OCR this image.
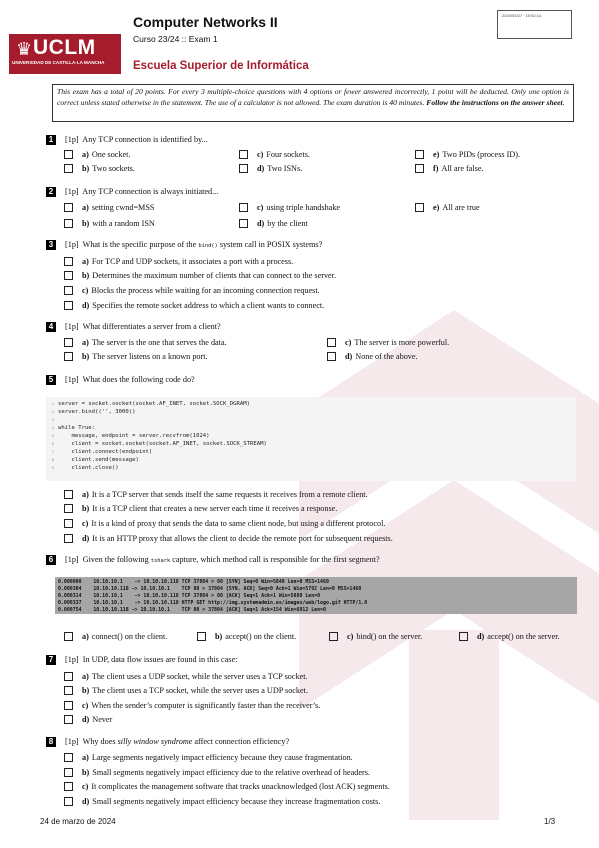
♛ UCLM
UNIVERSIDAD DE CASTILLA-LA MANCHA
Computer Networks II
Curso 23/24 :: Exam 1
Escuela Superior de Informática
2024/03/27 · 10:52:14
This exam has a total of 20 points. For every 3 multiple-choice questions with 4 options or fewer answered incorrectly, 1 point will be deducted. Only one option is correct unless stated otherwise in the statement. The use of a calculator is not allowed. The exam duration is 40 minutes. Follow the instructions on the answer sheet.
1	[1p] Any TCP connection is identified by...
a) One socket.
b) Two sockets.
c) Four sockets.
d) Two ISNs.
e) Two PIDs (process ID).
f) All are false.
2	[1p] Any TCP connection is always initiated...
a) setting cwnd=MSS
b) with a random ISN
c) using triple handshake
d) by the client
e) All are true
3	[1p] What is the specific purpose of the bind() system call in POSIX systems?
a) For TCP and UDP sockets, it associates a port with a process.
b) Determines the maximum number of clients that can connect to the server.
c) Blocks the process while waiting for an incoming connection request.
d) Specifies the remote socket address to which a client wants to connect.
4	[1p] What differentiates a server from a client?
a) The server is the one that serves the data.
b) The server listens on a known port.
c) The server is more powerful.
d) None of the above.
5	[1p] What does the following code do?
1
2
3
4
5
6
7
8
9
server = socket.socket(socket.AF_INET, socket.SOCK_DGRAM)
server.bind(('', 3000))
while True:
message, endpoint = server.recvfrom(1024)
client = socket.socket(socket.AF_INET, socket.SOCK_STREAM)
client.connect(endpoint)
client.send(message)
client.close()
a) It is a TCP server that sends itself the same requests it receives from a remote client.
b) It is a TCP client that creates a new server each time it receives a response.
c) It is a kind of proxy that sends the data to same client node, but using a different protocol.
d) It is an HTTP proxy that allows the client to decide the remote port for subsequent requests.
6	[1p] Given the following tshark capture, which method call is responsible for the first segment?
0.000000    10.10.10.1    -> 10.10.10.118 TCP 37804 > 80 [SYN] Seq=0 Win=5840 Len=0 MSS=1460
0.000304    10.10.10.118 -> 10.10.10.1    TCP 80 > 37804 [SYN, ACK] Seq=0 Ack=1 Win=5792 Len=0 MSS=1460
0.000314    10.10.10.1    -> 10.10.10.118 TCP 37804 > 80 [ACK] Seq=1 Ack=1 Win=5888 Len=0
0.000337    10.10.10.1    -> 10.10.10.118 HTTP GET http://img.systemadmin.es/images/web/logo.gif HTTP/1.0
0.000754    10.10.10.118 -> 10.10.10.1    TCP 80 > 37804 [ACK] Seq=1 Ack=154 Win=6912 Len=0
a) connect() on the client.	b) accept() on the client.	c) bind() on the server.	d) accept() on the server.
7	[1p] In UDP, data flow issues are found in this case:
a) The client uses a UDP socket, while the server uses a TCP socket.
b) The client uses a TCP socket, while the server uses a UDP socket.
c) When the sender’s computer is significantly faster than the receiver’s.
d) Never
8	[1p] Why does silly window syndrome affect connection efficiency?
a) Large segments negatively impact efficiency because they cause fragmentation.
b) Small segments negatively impact efficiency due to the relative overhead of headers.
c) It complicates the management software that tracks unacknowledged (lost ACK) segments.
d) Small segments negatively impact efficiency because they increase fragmentation costs.
24 de marzo de 2024	1/3
